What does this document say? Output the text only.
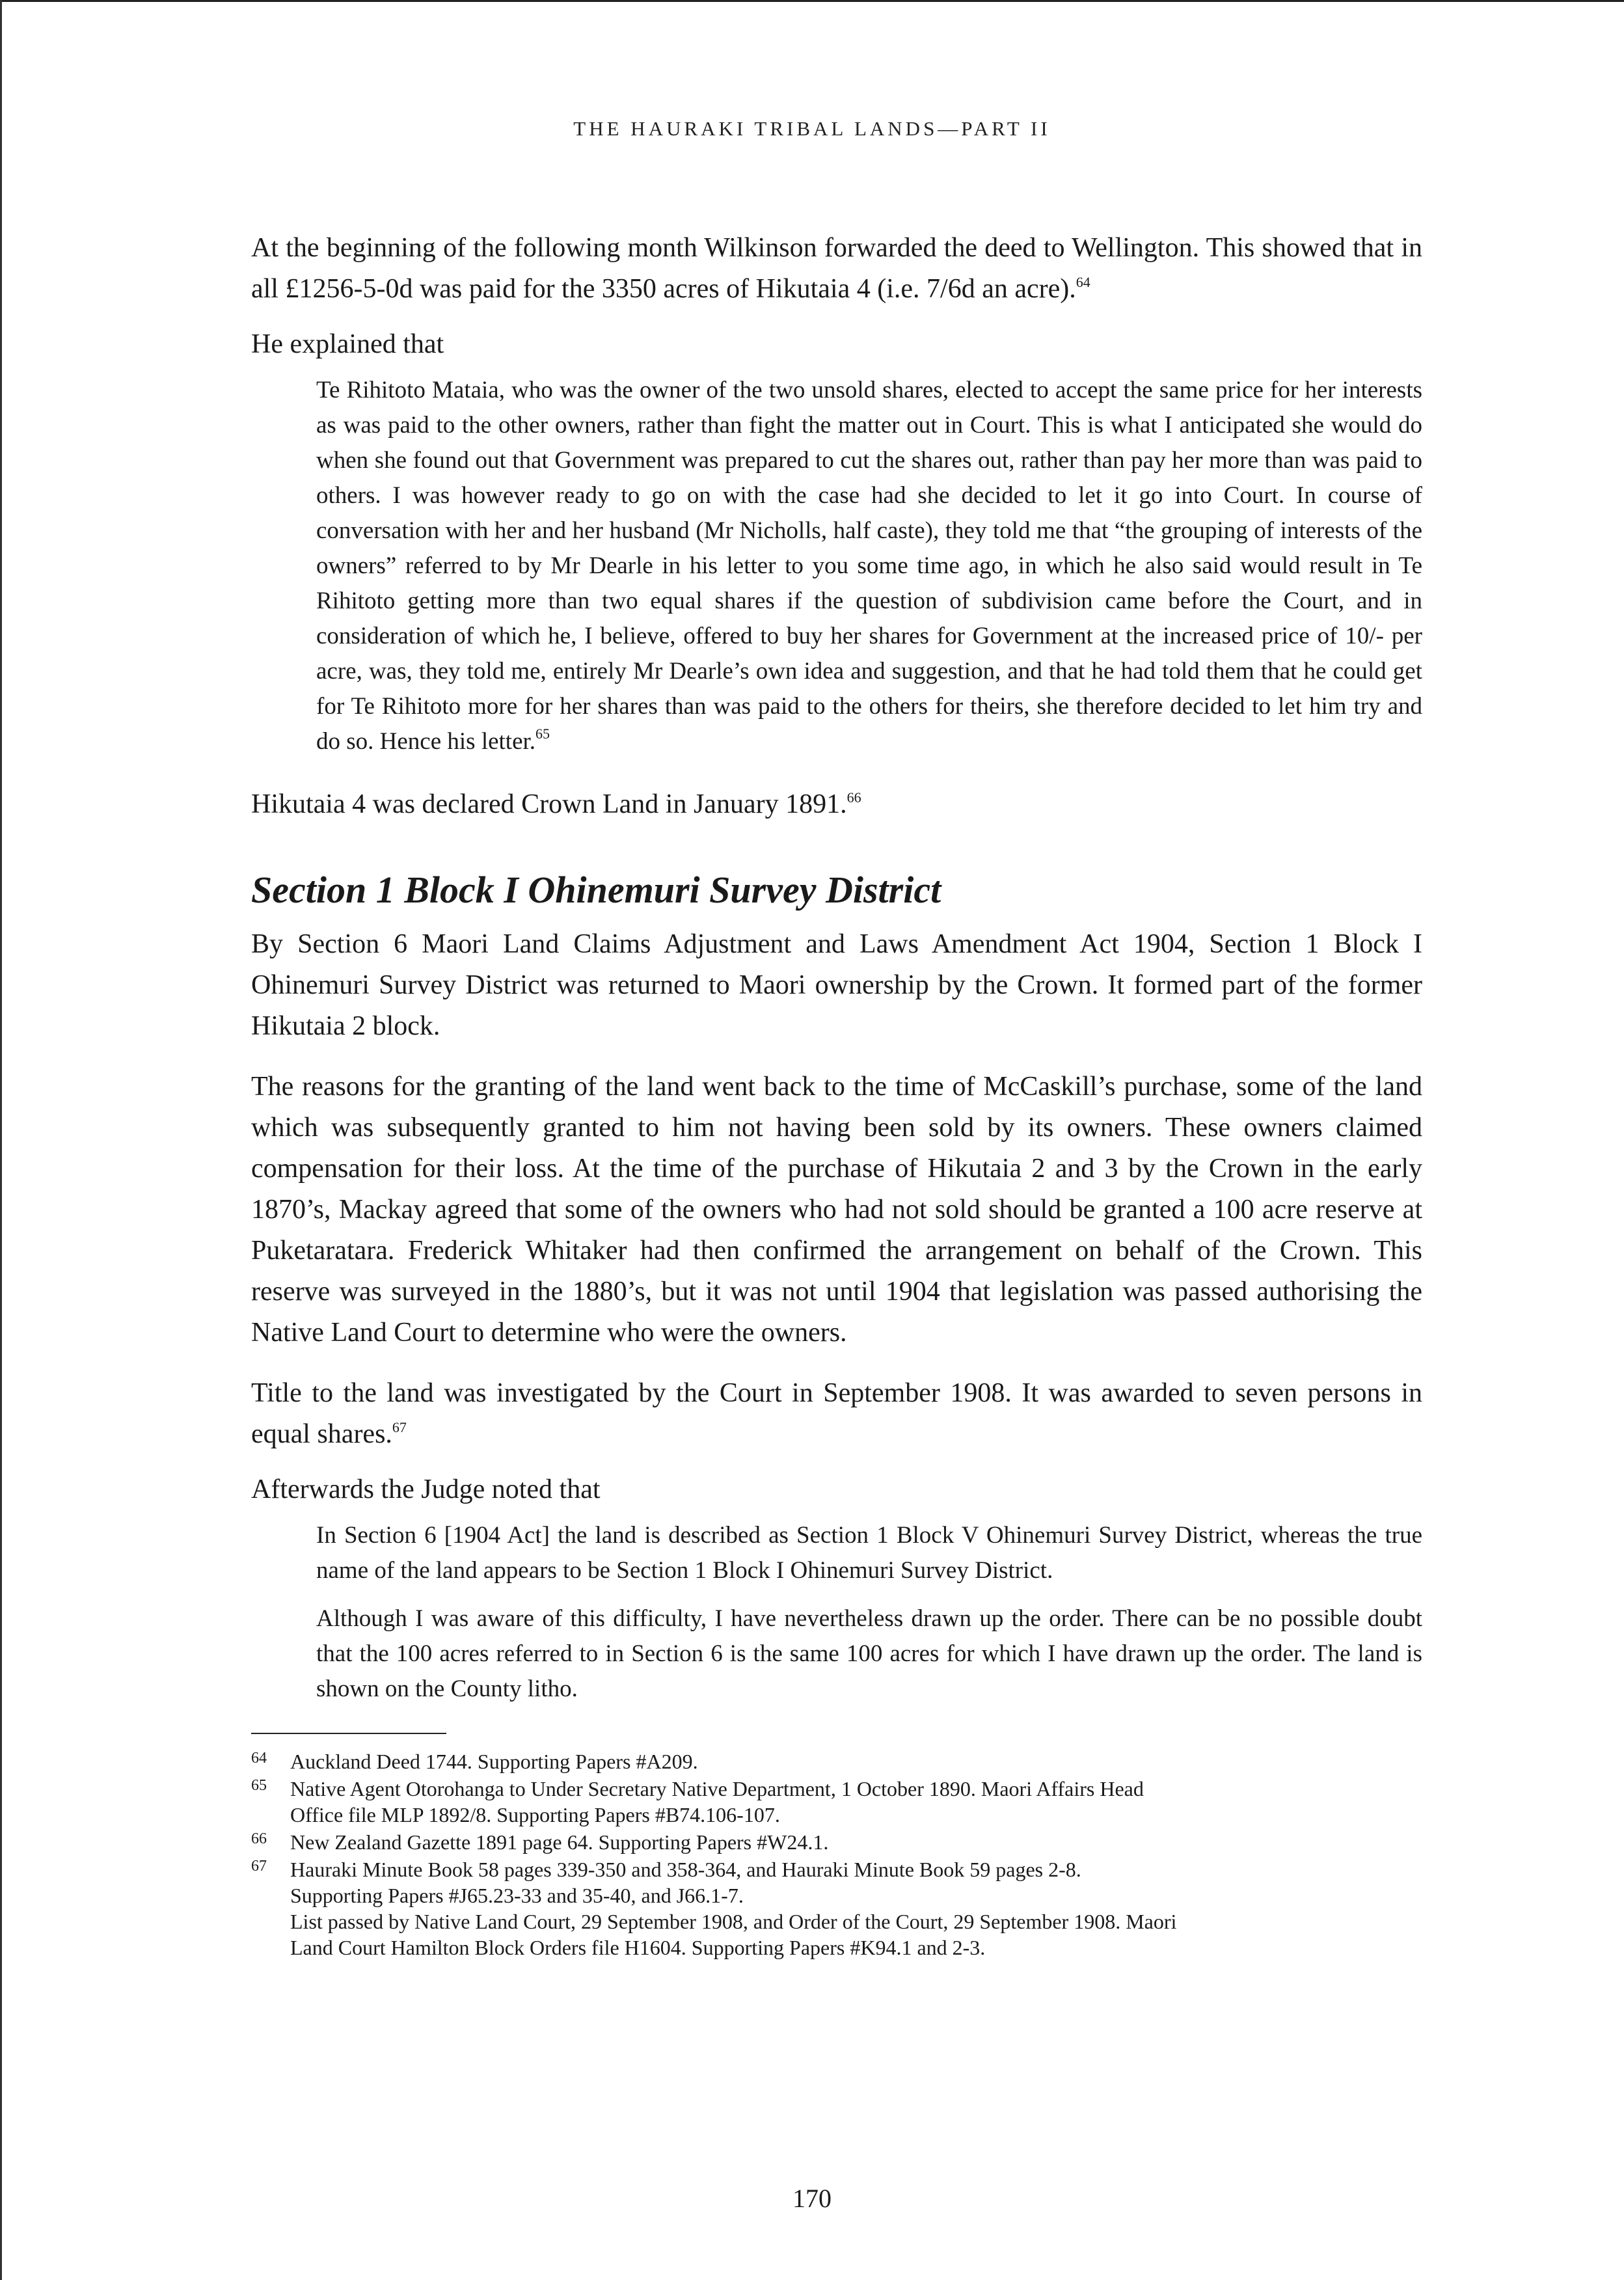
THE HAURAKI TRIBAL LANDS—PART II

At the beginning of the following month Wilkinson forwarded the deed to Wellington. This showed that in all £1256-5-0d was paid for the 3350 acres of Hikutaia 4 (i.e. 7/6d an acre).$^{64}$

He explained that

Te Rihitoto Mataia, who was the owner of the two unsold shares, elected to accept the same price for her interests as was paid to the other owners, rather than fight the matter out in Court. This is what I anticipated she would do when she found out that Government was prepared to cut the shares out, rather than pay her more than was paid to others. I was however ready to go on with the case had she decided to let it go into Court. In course of conversation with her and her husband (Mr Nicholls, half caste), they told me that “the grouping of interests of the owners” referred to by Mr Dearle in his letter to you some time ago, in which he also said would result in Te Rihitoto getting more than two equal shares if the question of subdivision came before the Court, and in consideration of which he, I believe, offered to buy her shares for Government at the increased price of 10/- per acre, was, they told me, entirely Mr Dearle’s own idea and suggestion, and that he had told them that he could get for Te Rihitoto more for her shares than was paid to the others for theirs, she therefore decided to let him try and do so. Hence his letter.$^{65}$

Hikutaia 4 was declared Crown Land in January 1891.66

Section 1 Block I Ohinemuri Survey District

By Section 6 Maori Land Claims Adjustment and Laws Amendment Act 1904, Section 1 Block I Ohinemuri Survey District was returned to Maori ownership by the Crown. It formed part of the former Hikutaia 2 block.

The reasons for the granting of the land went back to the time of McCaskill’s purchase, some of the land which was subsequently granted to him not having been sold by its owners. These owners claimed compensation for their loss. At the time of the purchase of Hikutaia 2 and 3 by the Crown in the early 1870’s, Mackay agreed that some of the owners who had not sold should be granted a 100 acre reserve at Puketaratara. Frederick Whitaker had then confirmed the arrangement on behalf of the Crown. This reserve was surveyed in the 1880’s, but it was not until 1904 that legislation was passed authorising the Native Land Court to determine who were the owners.

Title to the land was investigated by the Court in September 1908. It was awarded to seven persons in equal shares.$^{67}$

Afterwards the Judge noted that

In Section 6 [1904 Act] the land is described as Section 1 Block V Ohinemuri Survey District, whereas the true name of the land appears to be Section 1 Block I Ohinemuri Survey District.

Although I was aware of this difficulty, I have nevertheless drawn up the order. There can be no possible doubt that the 100 acres referred to in Section 6 is the same 100 acres for which I have drawn up the order. The land is shown on the County litho.

64	Auckland Deed 1744. Supporting Papers #A209.

65	Native Agent Otorohanga to Under Secretary Native Department, 1 October 1890. Maori Affairs Head

Office file MLP 1892/8. Supporting Papers #B74.106-107.

66	New Zealand Gazette 1891 page 64. Supporting Papers #W24.1.

67	Hauraki Minute Book 58 pages 339-350 and 358-364, and Hauraki Minute Book 59 pages 2-8.

Supporting Papers #J65.23-33 and 35-40, and J66.1-7.

List passed by Native Land Court, 29 September 1908, and Order of the Court, 29 September 1908. Maori

Land Court Hamilton Block Orders file H1604. Supporting Papers #K94.1 and 2-3.

170
